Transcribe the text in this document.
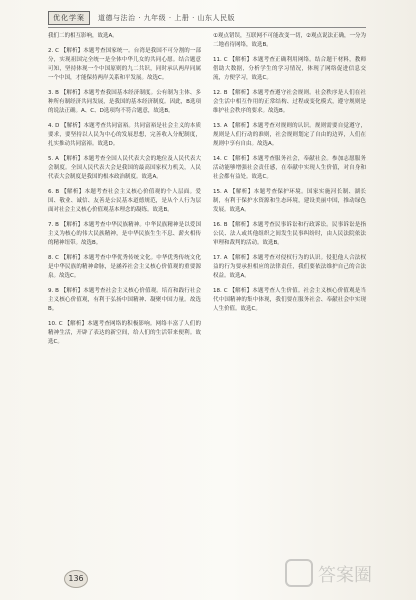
优化学案	道德与法治 · 九年级 · 上册 · 山东人民版

我们二的相互影响，故选A。

2. C 【解析】本题考查国家统一。台湾是我国不可分割的一部分，实现祖国完全统一是全体中华儿女的共同心愿。结合题意可知，坚持体现一个中国原则的九二共识，同时承认两岸同属一个中国，才能保持两岸关系和平发展。故选C。

3. B 【解析】本题考查我国基本经济制度。公有制为主体、多种所有制经济共同发展，是我国的基本经济制度。因此，B选项的说法正确。A、C、D选项均不符合题意，故选B。

4. D 【解析】本题考查共同富裕。共同富裕是社会主义的本质要求，要坚持以人民为中心的发展思想，完善收入分配制度，扎实推动共同富裕。故选D。

5. A 【解析】本题考查全国人民代表大会的地位及人民代表大会制度。全国人民代表大会是我国的最高国家权力机关，人民代表大会制度是我国的根本政治制度。故选A。

6. B 【解析】本题考查社会主义核心价值观的个人层面。爱国、敬业、诚信、友善是公民基本道德规范，是从个人行为层面对社会主义核心价值观基本理念的凝练。故选B。

7. B 【解析】本题考查中华民族精神。中华民族精神是以爱国主义为核心的伟大民族精神，是中华民族生生不息、薪火相传的精神纽带。故选B。

8. C 【解析】本题考查中华优秀传统文化。中华优秀传统文化是中华民族的精神命脉，是涵养社会主义核心价值观的重要源泉。故选C。

9. B 【解析】本题考查社会主义核心价值观。培育和践行社会主义核心价值观，有利于弘扬中国精神、凝聚中国力量。故选B。

10. C 【解析】本题考查网络的积极影响。网络丰富了人们的精神生活，开辟了表达的新空间，给人们的生活带来便利。故选C。

①观点错误，互联网不可能改变一切，②观点说法正确，一分为二地看待网络，故选B。

11. C 【解析】本题考查正确利用网络。结合题干材料，教师借助大数据，分析学生的学习情况，体现了网络促进信息交流，方便学习，故选C。

12. B 【解析】本题考查遵守社会规则。社会秩序是人们在社会生活中相互作用的正常结构、过程或变化模式，遵守规则是维护社会秩序的要求。故选B。

13. A 【解析】本题考查对规则的认识。规则需要自觉遵守，规则是人们行动的准则，社会规则划定了自由的边界，人们在规则中享有自由。故选A。

14. C 【解析】本题考查服务社会，奉献社会。参加志愿服务活动能够增强社会责任感，在奉献中实现人生价值，对自身和社会都有益处。故选C。

15. A 【解析】本题考查保护环境。国家实施河长制、湖长制，有利于保护水资源和生态环境，建设美丽中国，推动绿色发展。故选A。

16. B 【解析】本题考查民事诉讼和行政诉讼。民事诉讼是指公民、法人或其他组织之间发生民事纠纷时，由人民法院依法审理和裁判的活动。故选B。

17. A 【解析】本题考查对侵权行为的认识。侵犯他人合法权益的行为要承担相应的法律责任，我们要依法维护自己的合法权益。故选A。

18. C 【解析】本题考查人生价值。社会主义核心价值观是当代中国精神的集中体现，我们要在服务社会、奉献社会中实现人生价值。故选C。

136	答案圈
